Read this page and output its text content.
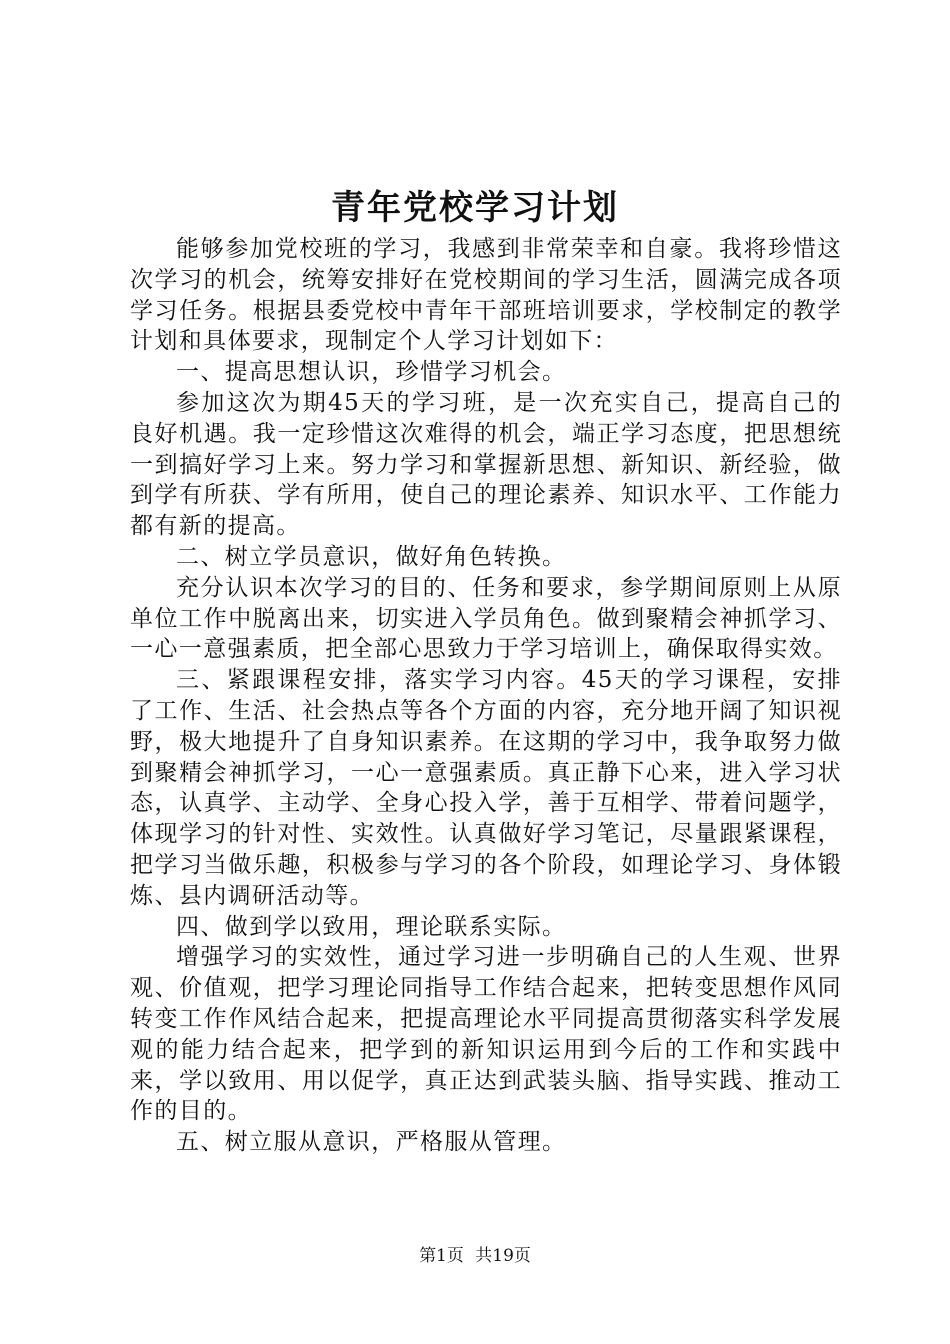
青年党校学习计划

能够参加党校班的学习，我感到非常荣幸和自豪。我将珍惜这次学习的机会，统筹安排好在党校期间的学习生活，圆满完成各项学习任务。根据县委党校中青年干部班培训要求，学校制定的教学计划和具体要求，现制定个人学习计划如下：

一、提高思想认识，珍惜学习机会。

参加这次为期45天的学习班，是一次充实自己，提高自己的良好机遇。我一定珍惜这次难得的机会，端正学习态度，把思想统一到搞好学习上来。努力学习和掌握新思想、新知识、新经验，做到学有所获、学有所用，使自己的理论素养、知识水平、工作能力都有新的提高。

二、树立学员意识，做好角色转换。

充分认识本次学习的目的、任务和要求，参学期间原则上从原单位工作中脱离出来，切实进入学员角色。做到聚精会神抓学习、一心一意强素质，把全部心思致力于学习培训上，确保取得实效。

三、紧跟课程安排，落实学习内容。45天的学习课程，安排了工作、生活、社会热点等各个方面的内容，充分地开阔了知识视野，极大地提升了自身知识素养。在这期的学习中，我争取努力做到聚精会神抓学习，一心一意强素质。真正静下心来，进入学习状态，认真学、主动学、全身心投入学，善于互相学、带着问题学，体现学习的针对性、实效性。认真做好学习笔记，尽量跟紧课程，把学习当做乐趣，积极参与学习的各个阶段，如理论学习、身体锻炼、县内调研活动等。

四、做到学以致用，理论联系实际。

增强学习的实效性，通过学习进一步明确自己的人生观、世界观、价值观，把学习理论同指导工作结合起来，把转变思想作风同转变工作作风结合起来，把提高理论水平同提高贯彻落实科学发展观的能力结合起来，把学到的新知识运用到今后的工作和实践中来，学以致用、用以促学，真正达到武装头脑、指导实践、推动工作的目的。

五、树立服从意识，严格服从管理。

第1页 共19页
